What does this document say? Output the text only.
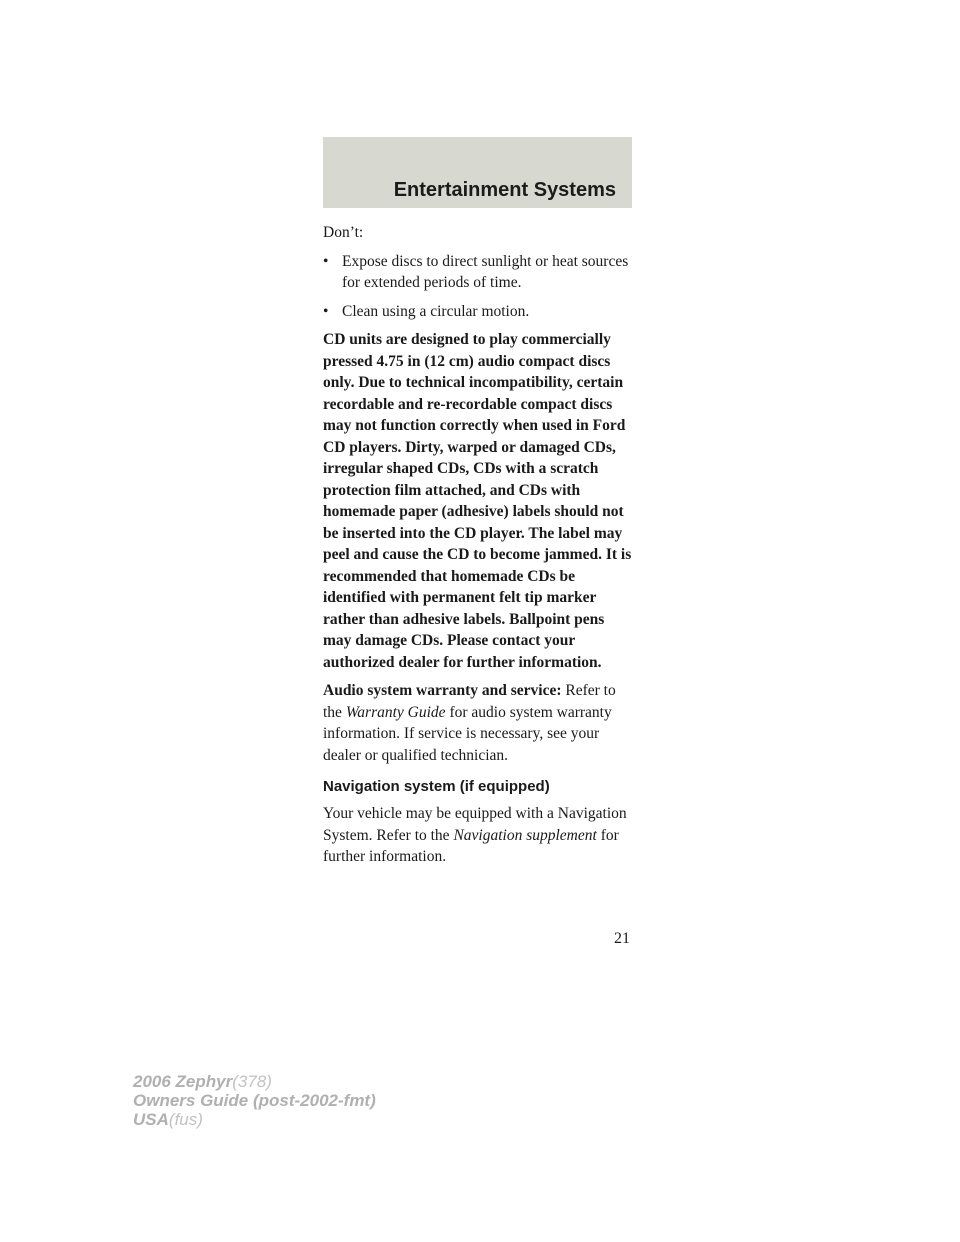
Entertainment Systems

Don’t:

• Expose discs to direct sunlight or heat sources for extended periods of time.
• Clean using a circular motion.

CD units are designed to play commercially pressed 4.75 in (12 cm) audio compact discs only. Due to technical incompatibility, certain recordable and re-recordable compact discs may not function correctly when used in Ford CD players. Dirty, warped or damaged CDs, irregular shaped CDs, CDs with a scratch protection film attached, and CDs with homemade paper (adhesive) labels should not be inserted into the CD player. The label may peel and cause the CD to become jammed. It is recommended that homemade CDs be identified with permanent felt tip marker rather than adhesive labels. Ballpoint pens may damage CDs. Please contact your authorized dealer for further information.

Audio system warranty and service: Refer to the Warranty Guide for audio system warranty information. If service is necessary, see your dealer or qualified technician.

Navigation system (if equipped)

Your vehicle may be equipped with a Navigation System. Refer to the Navigation supplement for further information.

21
2006 Zephyr(378)
Owners Guide (post-2002-fmt)
USA(fus)
